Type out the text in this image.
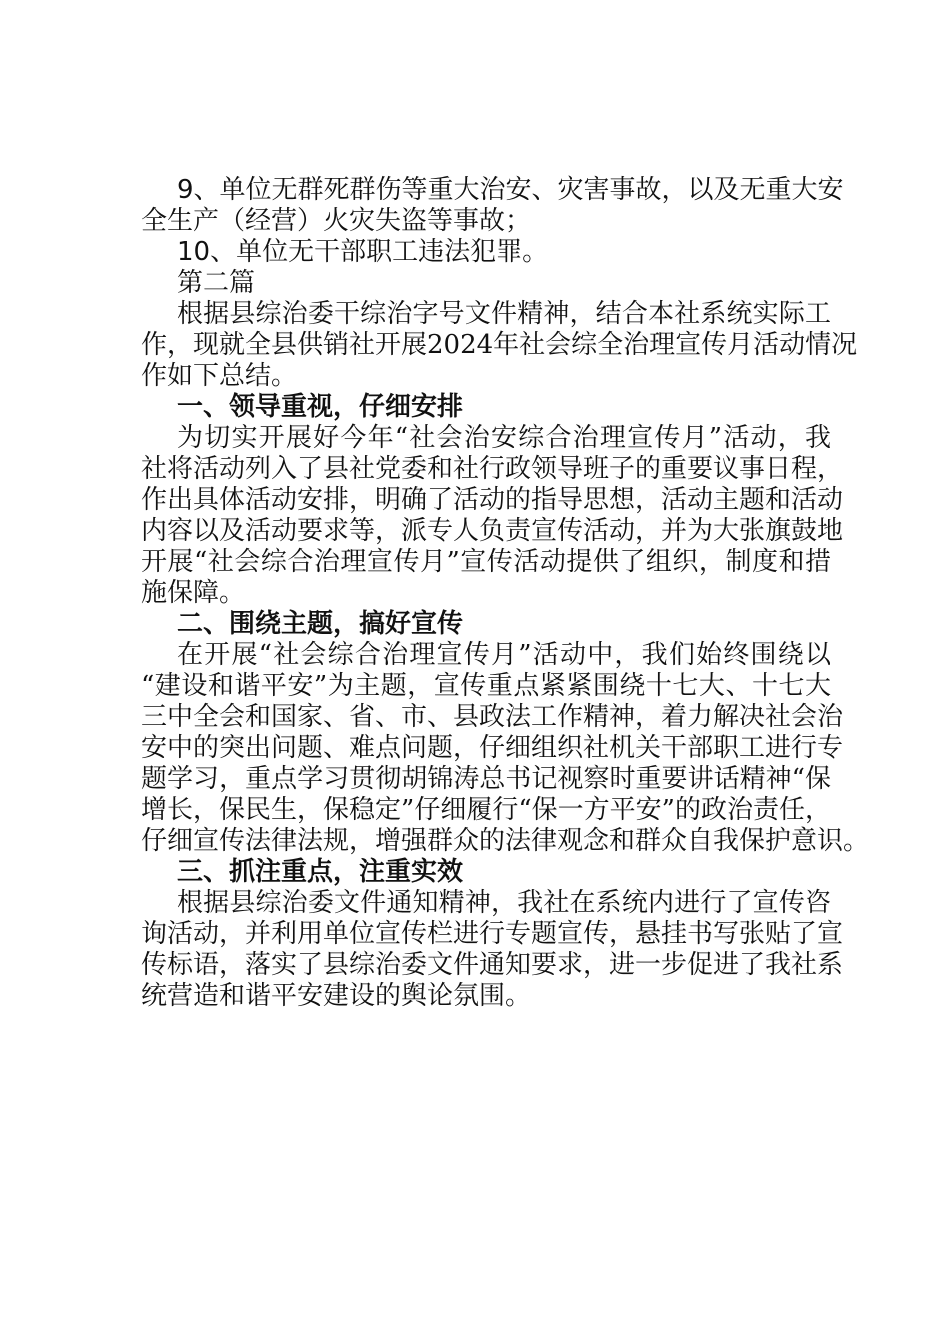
9、单位无群死群伤等重大治安、灾害事故，以及无重大安
全生产（经营）火灾失盗等事故；
10、单位无干部职工违法犯罪。
第二篇
根据县综治委干综治字号文件精神，结合本社系统实际工
作，现就全县供销社开展2024年社会综全治理宣传月活动情况
作如下总结。
一、领导重视，仔细安排
为切实开展好今年“社会治安综合治理宣传月”活动，我
社将活动列入了县社党委和社行政领导班子的重要议事日程，
作出具体活动安排，明确了活动的指导思想，活动主题和活动
内容以及活动要求等，派专人负责宣传活动，并为大张旗鼓地
开展“社会综合治理宣传月”宣传活动提供了组织，制度和措
施保障。
二、围绕主题，搞好宣传
在开展“社会综合治理宣传月”活动中，我们始终围绕以
“建设和谐平安”为主题，宣传重点紧紧围绕十七大、十七大
三中全会和国家、省、市、县政法工作精神，着力解决社会治
安中的突出问题、难点问题，仔细组织社机关干部职工进行专
题学习，重点学习贯彻胡锦涛总书记视察时重要讲话精神“保
增长，保民生，保稳定”仔细履行“保一方平安”的政治责任，
仔细宣传法律法规，增强群众的法律观念和群众自我保护意识。
三、抓注重点，注重实效
根据县综治委文件通知精神，我社在系统内进行了宣传咨
询活动，并利用单位宣传栏进行专题宣传，悬挂书写张贴了宣
传标语，落实了县综治委文件通知要求，进一步促进了我社系
统营造和谐平安建设的舆论氛围。
